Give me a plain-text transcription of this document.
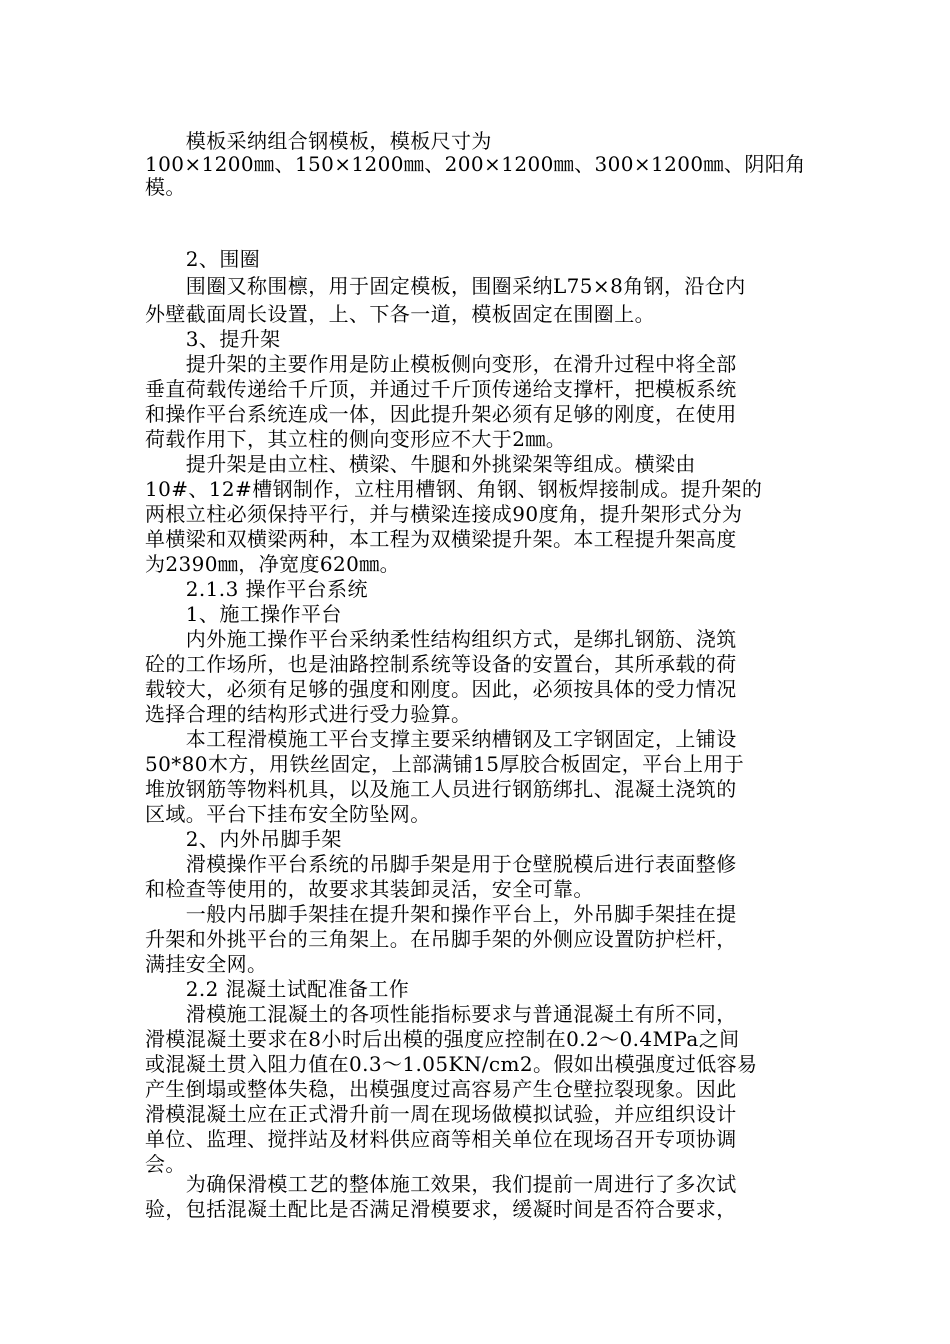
　　模板采纳组合钢模板，模板尺寸为
100×1200㎜、150×1200㎜、200×1200㎜、300×1200㎜、阴阳角
模。
　　2、围圈
　　围圈又称围檩，用于固定模板，围圈采纳L75×8角钢，沿仓内
外壁截面周长设置，上、下各一道，模板固定在围圈上。
　　3、提升架
　　提升架的主要作用是防止模板侧向变形，在滑升过程中将全部
垂直荷载传递给千斤顶，并通过千斤顶传递给支撑杆，把模板系统
和操作平台系统连成一体，因此提升架必须有足够的刚度，在使用
荷载作用下，其立柱的侧向变形应不大于2㎜。
　　提升架是由立柱、横梁、牛腿和外挑梁架等组成。横梁由
10#、12#槽钢制作，立柱用槽钢、角钢、钢板焊接制成。提升架的
两根立柱必须保持平行，并与横梁连接成90度角，提升架形式分为
单横梁和双横梁两种，本工程为双横梁提升架。本工程提升架高度
为2390㎜，净宽度620㎜。
　　2.1.3 操作平台系统
　　1、施工操作平台
　　内外施工操作平台采纳柔性结构组织方式，是绑扎钢筋、浇筑
砼的工作场所，也是油路控制系统等设备的安置台，其所承载的荷
载较大，必须有足够的强度和刚度。因此，必须按具体的受力情况
选择合理的结构形式进行受力验算。
　　本工程滑模施工平台支撑主要采纳槽钢及工字钢固定，上铺设
50*80木方，用铁丝固定，上部满铺15厚胶合板固定，平台上用于
堆放钢筋等物料机具，以及施工人员进行钢筋绑扎、混凝土浇筑的
区域。平台下挂布安全防坠网。
　　2、内外吊脚手架
　　滑模操作平台系统的吊脚手架是用于仓壁脱模后进行表面整修
和检查等使用的，故要求其装卸灵活，安全可靠。
　　一般内吊脚手架挂在提升架和操作平台上，外吊脚手架挂在提
升架和外挑平台的三角架上。在吊脚手架的外侧应设置防护栏杆，
满挂安全网。
　　2.2 混凝土试配准备工作
　　滑模施工混凝土的各项性能指标要求与普通混凝土有所不同，
滑模混凝土要求在8小时后出模的强度应控制在0.2～0.4MPa之间
或混凝土贯入阻力值在0.3～1.05KN/cm2。假如出模强度过低容易
产生倒塌或整体失稳，出模强度过高容易产生仓壁拉裂现象。因此
滑模混凝土应在正式滑升前一周在现场做模拟试验，并应组织设计
单位、监理、搅拌站及材料供应商等相关单位在现场召开专项协调
会。
　　为确保滑模工艺的整体施工效果，我们提前一周进行了多次试
验，包括混凝土配比是否满足滑模要求，缓凝时间是否符合要求，
